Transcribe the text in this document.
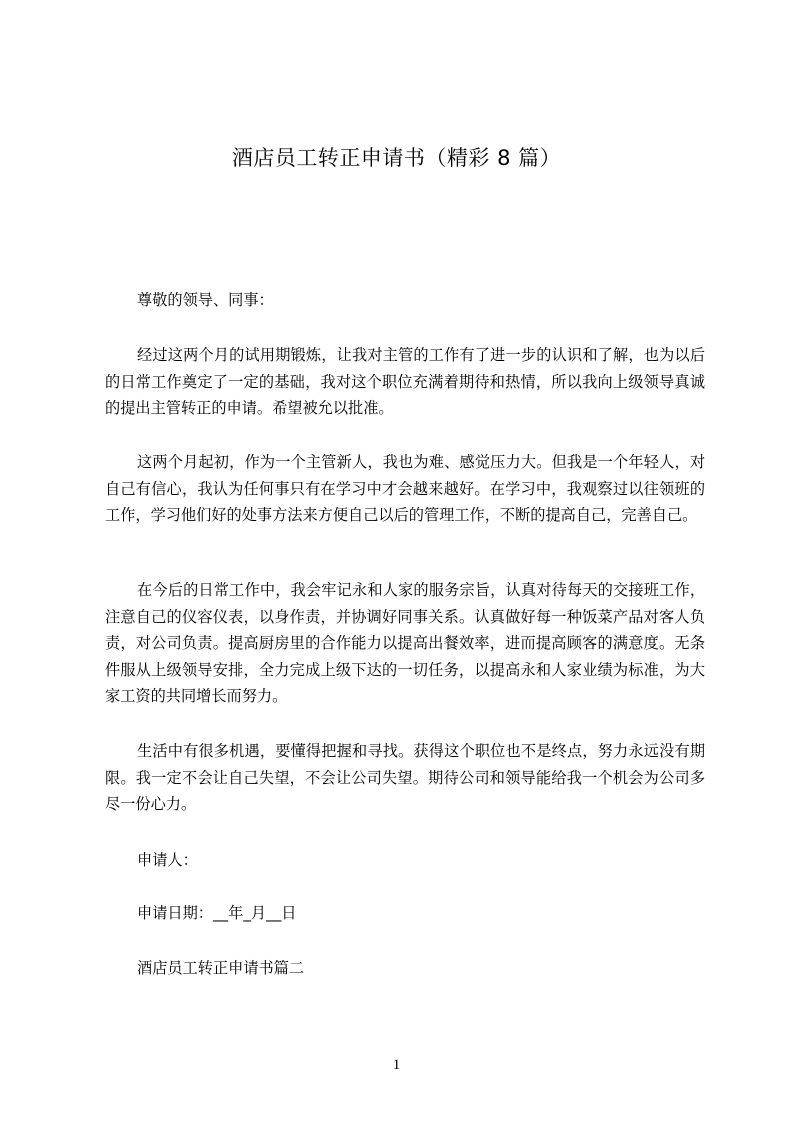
酒店员工转正申请书（精彩 8 篇）

尊敬的领导、同事：

经过这两个月的试用期锻炼，让我对主管的工作有了进一步的认识和了解，也为以后的日常工作奠定了一定的基础，我对这个职位充满着期待和热情，所以我向上级领导真诚的提出主管转正的申请。希望被允以批准。

这两个月起初，作为一个主管新人，我也为难、感觉压力大。但我是一个年轻人，对自己有信心，我认为任何事只有在学习中才会越来越好。在学习中，我观察过以往领班的工作，学习他们好的处事方法来方便自己以后的管理工作，不断的提高自己，完善自己。

在今后的日常工作中，我会牢记永和人家的服务宗旨，认真对待每天的交接班工作，注意自己的仪容仪表，以身作责，并协调好同事关系。认真做好每一种饭菜产品对客人负责，对公司负责。提高厨房里的合作能力以提高出餐效率，进而提高顾客的满意度。无条件服从上级领导安排，全力完成上级下达的一切任务，以提高永和人家业绩为标准，为大家工资的共同增长而努力。

生活中有很多机遇，要懂得把握和寻找。获得这个职位也不是终点，努力永远没有期限。我一定不会让自己失望，不会让公司失望。期待公司和领导能给我一个机会为公司多尽一份心力。

申请人：

申请日期：__年_月__日

酒店员工转正申请书篇二

1
